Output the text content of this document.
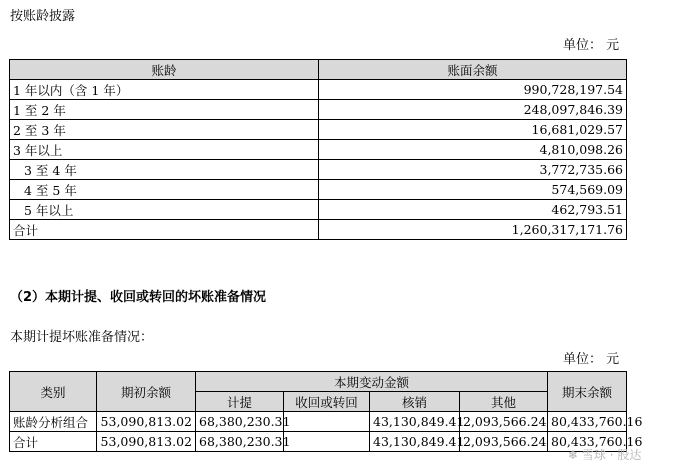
按账龄披露
单位： 元
账龄	账面余额
1 年以内（含 1 年）	990,728,197.54
1 至 2 年	248,097,846.39
2 至 3 年	16,681,029.57
3 年以上	4,810,098.26
3 至 4 年	3,772,735.66
4 至 5 年	574,569.09
5 年以上	462,793.51
合计	1,260,317,171.76
（2）本期计提、收回或转回的坏账准备情况
本期计提坏账准备情况：
单位： 元
类别	期初余额	本期变动金额				期末余额
		计提	收回或转回	核销	其他	
账龄分析组合	53,090,813.02	68,380,230.31		43,130,849.41	2,093,566.24	80,433,760.16
合计	53,090,813.02	68,380,230.31		43,130,849.41	2,093,566.24	80,433,760.16
❄ 雪球 · 股达
